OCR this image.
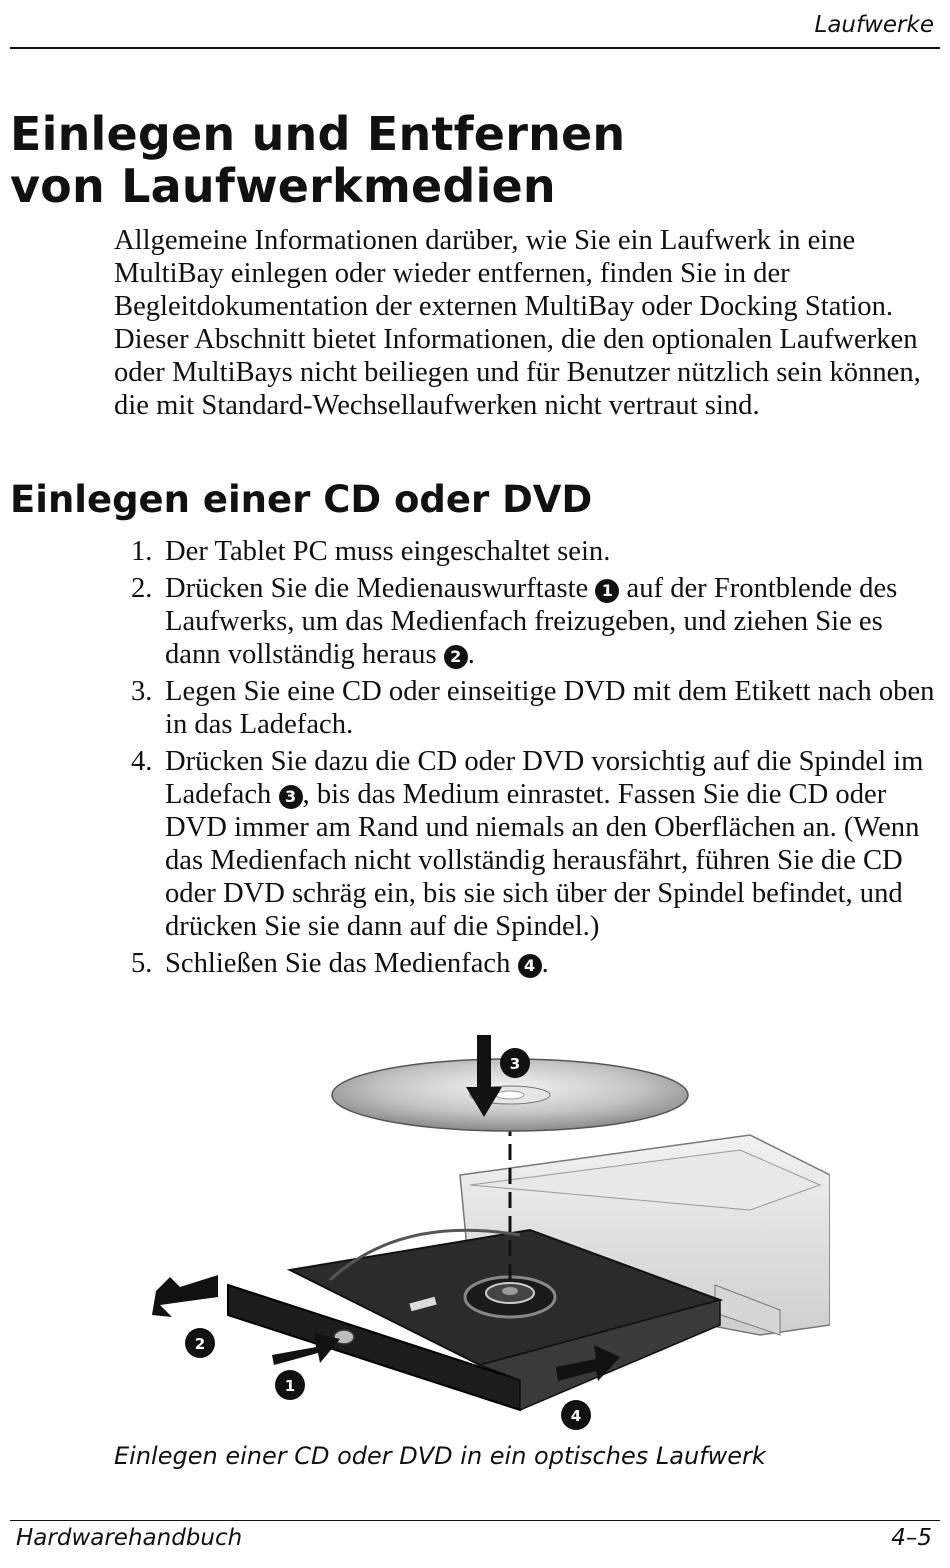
Laufwerke
Einlegen und Entfernen
von Laufwerkmedien

Allgemeine Informationen darüber, wie Sie ein Laufwerk in eine MultiBay einlegen oder wieder entfernen, finden Sie in der Begleitdokumentation der externen MultiBay oder Docking Station. Dieser Abschnitt bietet Informationen, die den optionalen Laufwerken oder MultiBays nicht beiliegen und für Benutzer nützlich sein können, die mit Standard-Wechsellaufwerken nicht vertraut sind.

Einlegen einer CD oder DVD
1. Der Tablet PC muss eingeschaltet sein.
2. Drücken Sie die Medienauswurftaste 1 auf der Frontblende des Laufwerks, um das Medienfach freizugeben, und ziehen Sie es dann vollständig heraus 2 .
3. Legen Sie eine CD oder einseitige DVD mit dem Etikett nach oben in das Ladefach.
4. Drücken Sie dazu die CD oder DVD vorsichtig auf die Spindel im Ladefach 3 , bis das Medium einrastet. Fassen Sie die CD oder DVD immer am Rand und niemals an den Oberflächen an. (Wenn das Medienfach nicht vollständig herausfährt, führen Sie die CD oder DVD schräg ein, bis sie sich über der Spindel befindet, und drücken Sie sie dann auf die Spindel.)
5. Schließen Sie das Medienfach 4 .
1
2
3
4
Einlegen einer CD oder DVD in ein optisches Laufwerk
Hardwarehandbuch	4–5
